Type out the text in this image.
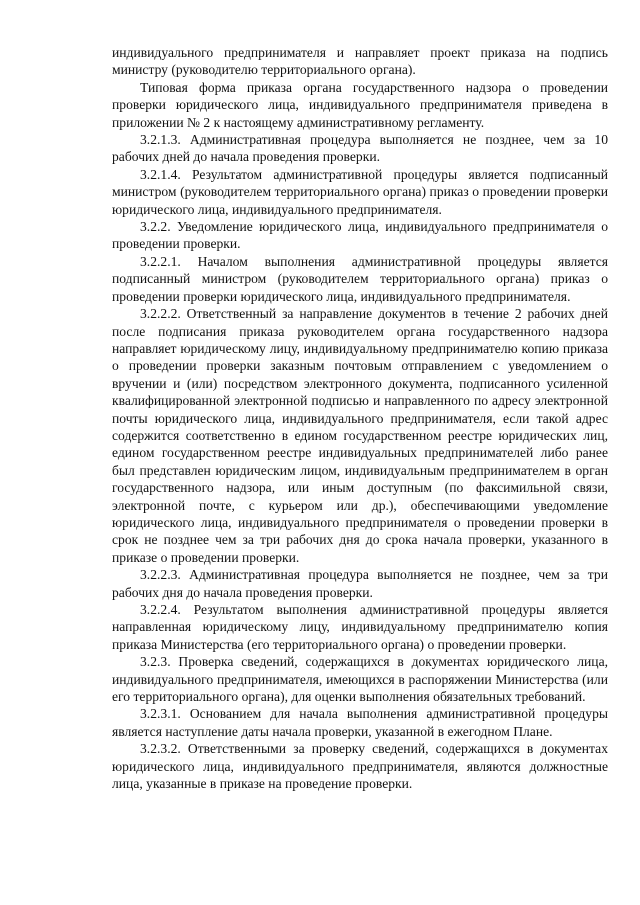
индивидуального предпринимателя и направляет проект приказа на подпись министру (руководителю территориального органа).

Типовая форма приказа органа государственного надзора о проведении проверки юридического лица, индивидуального предпринимателя приведена в приложении № 2 к настоящему административному регламенту.

3.2.1.3. Административная процедура выполняется не позднее, чем за 10 рабочих дней до начала проведения проверки.

3.2.1.4. Результатом административной процедуры является подписанный министром (руководителем территориального органа) приказ о проведении проверки юридического лица, индивидуального предпринимателя.

3.2.2. Уведомление юридического лица, индивидуального предпринимателя о проведении проверки.

3.2.2.1. Началом выполнения административной процедуры является подписанный министром (руководителем территориального органа) приказ о проведении проверки юридического лица, индивидуального предпринимателя.

3.2.2.2. Ответственный за направление документов в течение 2 рабочих дней после подписания приказа руководителем органа государственного надзора направляет юридическому лицу, индивидуальному предпринимателю копию приказа о проведении проверки заказным почтовым отправлением с уведомлением о вручении и (или) посредством электронного документа, подписанного усиленной квалифицированной электронной подписью и направленного по адресу электронной почты юридического лица, индивидуального предпринимателя, если такой адрес содержится соответственно в едином государственном реестре юридических лиц, едином государственном реестре индивидуальных предпринимателей либо ранее был представлен юридическим лицом, индивидуальным предпринимателем в орган государственного надзора, или иным доступным (по факсимильной связи, электронной почте, с курьером или др.), обеспечивающими уведомление юридического лица, индивидуального предпринимателя о проведении проверки в срок не позднее чем за три рабочих дня до срока начала проверки, указанного в приказе о проведении проверки.

3.2.2.3. Административная процедура выполняется не позднее, чем за три рабочих дня до начала проведения проверки.

3.2.2.4. Результатом выполнения административной процедуры является направленная юридическому лицу, индивидуальному предпринимателю копия приказа Министерства (его территориального органа) о проведении проверки.

3.2.3. Проверка сведений, содержащихся в документах юридического лица, индивидуального предпринимателя, имеющихся в распоряжении Министерства (или его территориального органа), для оценки выполнения обязательных требований.

3.2.3.1. Основанием для начала выполнения административной процедуры является наступление даты начала проверки, указанной в ежегодном Плане.

3.2.3.2. Ответственными за проверку сведений, содержащихся в документах юридического лица, индивидуального предпринимателя, являются должностные лица, указанные в приказе на проведение проверки.
